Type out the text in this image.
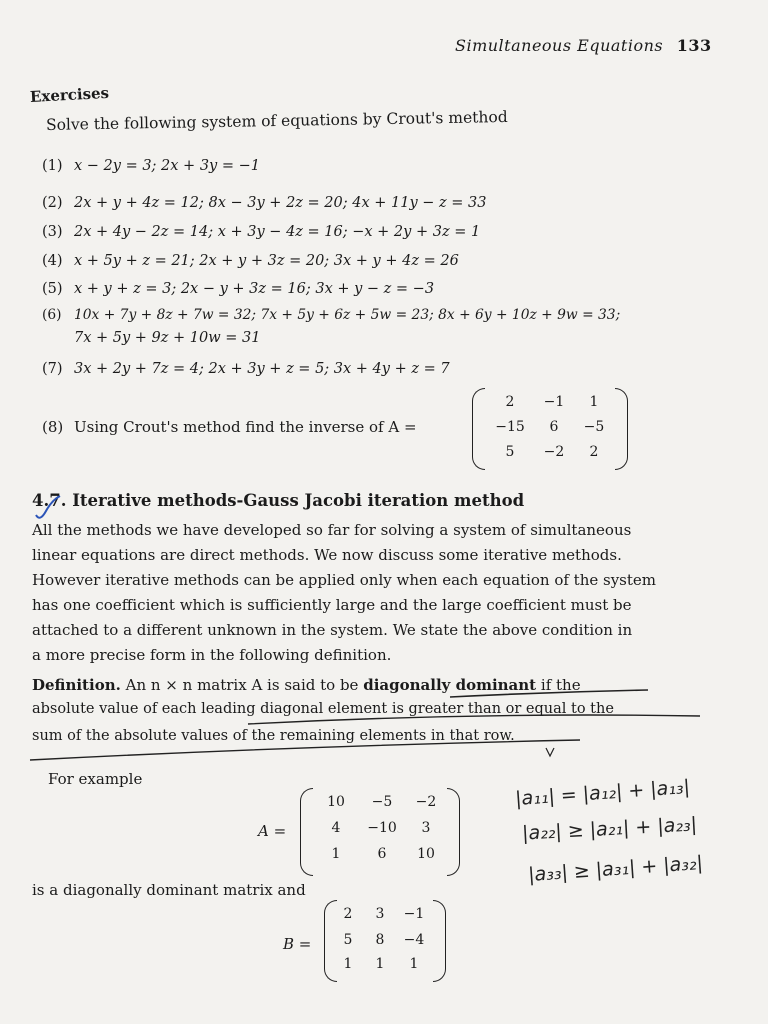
Simultaneous Equations 133
Exercises
Solve the following system of equations by Crout's method
(1) x − 2y = 3; 2x + 3y = −1
(2) 2x + y + 4z = 12; 8x − 3y + 2z = 20; 4x + 11y − z = 33
(3) 2x + 4y − 2z = 14; x + 3y − 4z = 16; −x + 2y + 3z = 1
(4) x + 5y + z = 21; 2x + y + 3z = 20; 3x + y + 4z = 26
(5) x + y + z = 3; 2x − y + 3z = 16; 3x + y − z = −3
(6) 10x + 7y + 8z + 7w = 32; 7x + 5y + 6z + 5w = 23; 8x + 6y + 10z + 9w = 33;
7x + 5y + 9z + 10w = 31
(7) 3x + 2y + 7z = 4; 2x + 3y + z = 5; 3x + 4y + z = 7
(8) Using Crout's method find the inverse of A =
2	−1	1
−15	6	−5
5	−2	2
4.7. Iterative methods-Gauss Jacobi iteration method
All the methods we have developed so far for solving a system of simultaneous
linear equations are direct methods. We now discuss some iterative methods.
However iterative methods can be applied only when each equation of the system
has one coefficient which is sufficiently large and the large coefficient must be
attached to a different unknown in the system. We state the above condition in
a more precise form in the following definition.
Definition. An n × n matrix A is said to be diagonally dominant if the
absolute value of each leading diagonal element is greater than or equal to the
sum of the absolute values of the remaining elements in that row.
For example
A =
10	−5	−2
4	−10	3
1	6	10
is a diagonally dominant matrix and
B =
2	3	−1
5	8	−4
1	1	1
|a₁₁| = |a₁₂| + |a₁₃|
|a₂₂| ≥ |a₂₁| + |a₂₃|
|a₃₃| ≥ |a₃₁| + |a₃₂|
